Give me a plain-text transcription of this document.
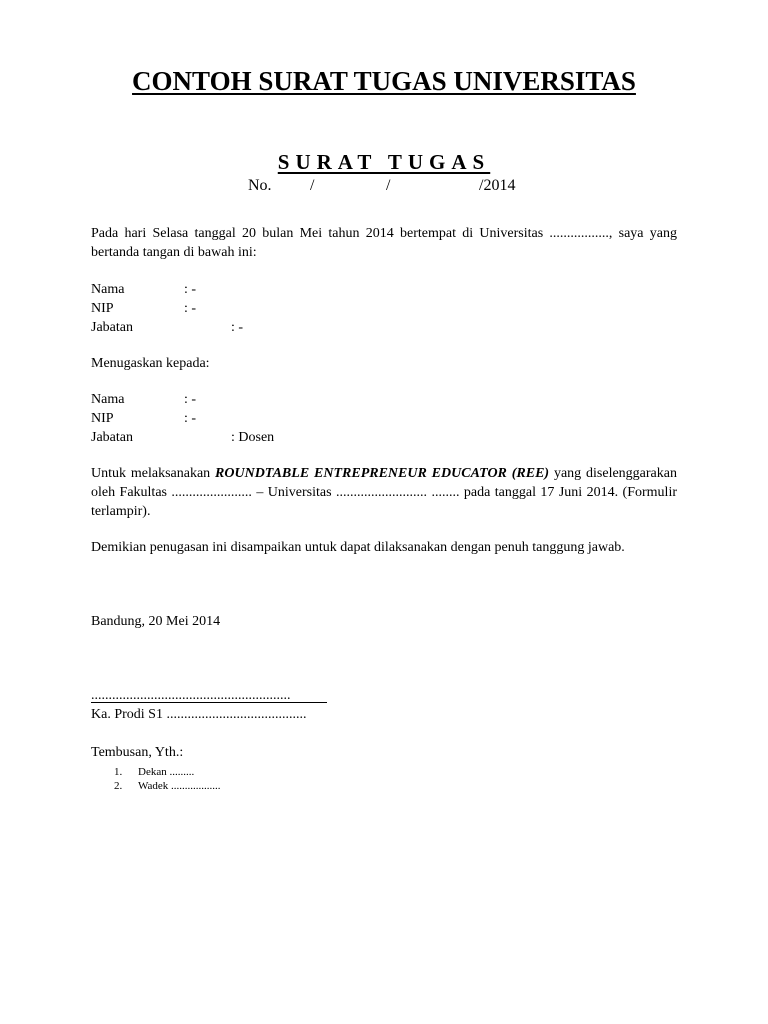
CONTOH SURAT TUGAS UNIVERSITAS
SURAT TUGAS
No. /	/	/2014
Pada hari Selasa tanggal 20 bulan Mei tahun 2014 bertempat di Universitas ................., saya yang bertanda tangan di bawah ini:
Nama	: -
NIP	: -
Jabatan	: -
Menugaskan kepada:
Nama	: -
NIP	: -
Jabatan	: Dosen
Untuk melaksanakan ROUNDTABLE ENTREPRENEUR EDUCATOR (REE) yang diselenggarakan oleh Fakultas ....................... – Universitas .......................... ........ pada tanggal 17 Juni 2014. (Formulir terlampir).
Demikian penugasan ini disampaikan untuk dapat dilaksanakan dengan penuh tanggung jawab.
Bandung, 20 Mei 2014
.........................................................
Ka. Prodi S1 ........................................
Tembusan, Yth.:
1. Dekan .........
2. Wadek ..................
